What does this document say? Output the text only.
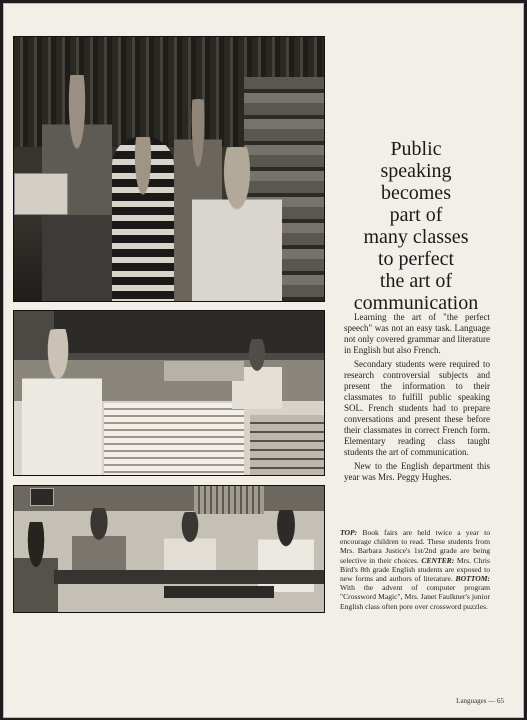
Public
speaking
becomes
part of
many classes
to perfect
the art of
communication

Learning the art of "the perfect speech" was not an easy task. Language not only covered grammar and literature in English but also French.

Secondary students were required to research controversial subjects and present the information to their classmates to fulfill public speaking SOL. French students had to prepare conversations and present these before their classmates in correct French form. Elementary reading class taught students the art of communication.

New to the English department this year was Mrs. Peggy Hughes.

TOP: Book fairs are held twice a year to encourage children to read. These students from Mrs. Barbara Justice's 1st/2nd grade are being selective in their choices. CENTER: Mrs. Chris Bird's 8th grade English students are exposed to new forms and authors of literature. BOTTOM: With the advent of computer program "Crossword Magic", Mrs. Janet Faulkner's junior English class often pore over crossword puzzles.
Languages — 65
